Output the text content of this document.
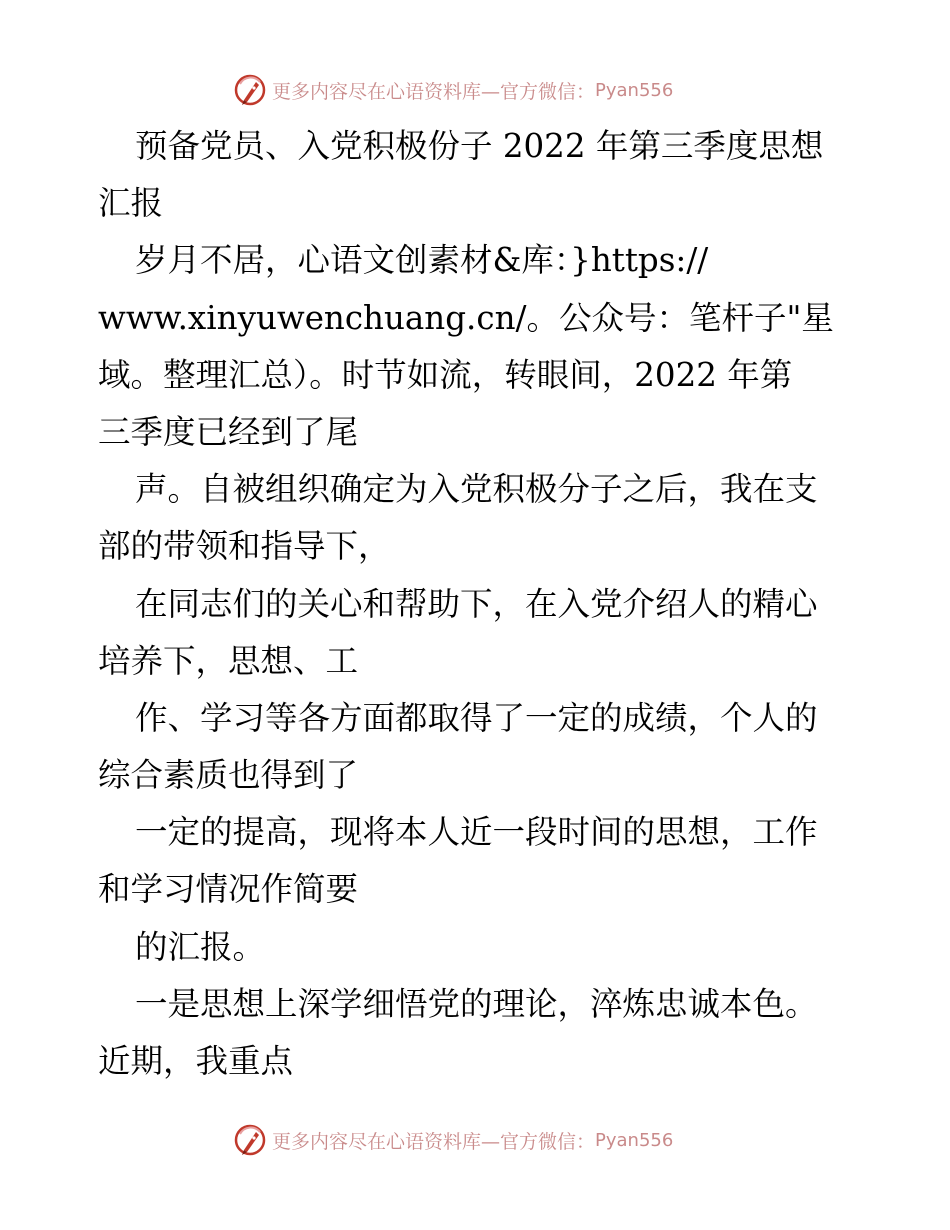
更多内容尽在心语资料库—官方微信： Pyan556
预备党员、入党积极份子 2022 年第三季度思想
汇报
岁月不居，心语文创素材&库：}https://
www.xinyuwenchuang.cn/。公众号：笔杆子"星
域。整理汇总）。时节如流，转眼间，2022 年第
三季度已经到了尾
声。自被组织确定为入党积极分子之后，我在支
部的带领和指导下，
在同志们的关心和帮助下，在入党介绍人的精心
培养下，思想、工
作、学习等各方面都取得了一定的成绩，个人的
综合素质也得到了
一定的提高，现将本人近一段时间的思想，工作
和学习情况作简要
的汇报。
一是思想上深学细悟党的理论，淬炼忠诚本色。
近期，我重点
更多内容尽在心语资料库—官方微信： Pyan556
